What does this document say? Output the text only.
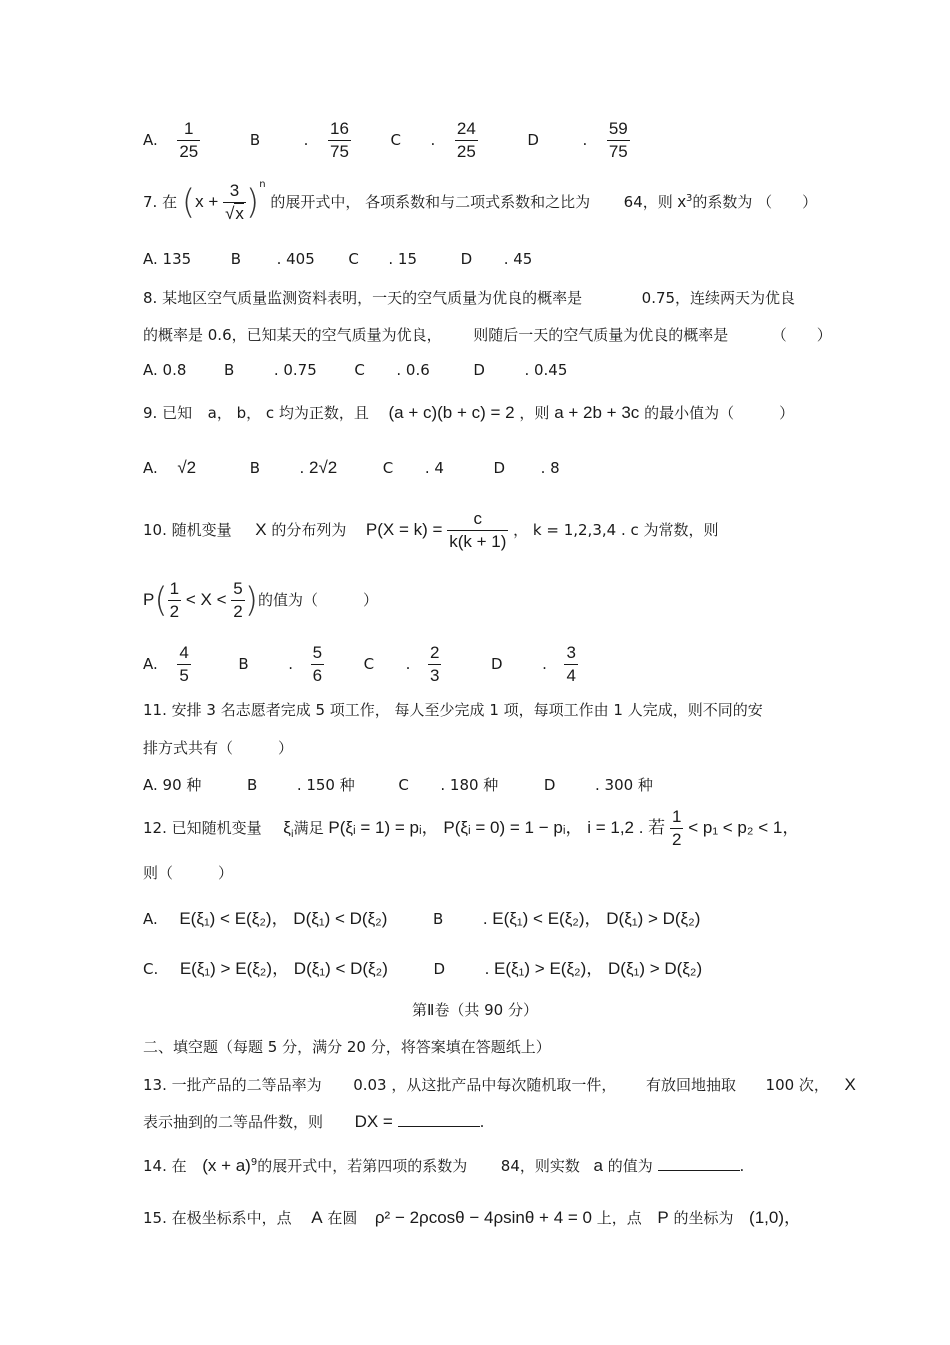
A. $\frac{1}{25}$	B	. $\frac{16}{75}$	C . $\frac{24}{25}$	D	. $\frac{59}{75}$
7. 在 $(x + \frac{3}{√x} )^n$ 的展开式中， 各项系数和与二项式系数和之比为 64，则 $x^3$的系数为 （　　）
A. 135	B . 405 C . 15	D . 45
8. 某地区空气质量监测资料表明，一天的空气质量为优良的概率是	0.75，连续两天为优良
的概率是 0.6，已知某天的空气质量为优良， 则随后一天的空气质量为优良的概率是	（　　）
A. 0.8	B	. 0.75	C . 0.6	D	. 0.45
9. 已知 a， b， c 均为正数，且 (a + c)(b + c) = 2 ，则 a + 2b + 3c 的最小值为（　　　）
A. √2	B . 2√2	C . 4	D . 8
10. 随机变量 X 的分布列为 $P(X = k) = \frac{c}{k(k + 1)}$ ， k = 1,2,3,4 . c 为常数，则
$P( \frac{1}{2} < X < \frac{5}{2}$ )的值为（　　　）
A. $\frac{4}{5}$	B	. $\frac{5}{6}$	C . $\frac{2}{3}$	D	. $\frac{3}{4}$
11. 安排 3 名志愿者完成 5 项工作， 每人至少完成 1 项，每项工作由 1 人完成，则不同的安
排方式共有（　　　）
A. 90 种	B	. 150 种	C . 180 种	D	. 300 种
12. 已知随机变量 $\xi_i$满足 P(ξᵢ = 1) = pᵢ， P(ξᵢ = 0) = 1 − pᵢ， i = 1,2 . 若 $\frac{1}{2} < p_1 < p_2 < 1$，
则（　　　）
A. E(ξ₁) < E(ξ₂)， D(ξ₁) < D(ξ₂)	B . E(ξ₁) < E(ξ₂)， D(ξ₁) > D(ξ₂)
C. E(ξ₁) > E(ξ₂)， D(ξ₁) < D(ξ₂)	D . E(ξ₁) > E(ξ₂)， D(ξ₁) > D(ξ₂)
第Ⅱ卷（共 90 分）
二、填空题（每题 5 分，满分 20 分，将答案填在答题纸上）
13. 一批产品的二等品率为 0.03 ，从这批产品中每次随机取一件， 有放回地抽取 100 次， X
表示抽到的二等品件数，则 DX =	.
14. 在 $(x + a)^9$的展开式中，若第四项的系数为 84，则实数 a 的值为	.
15. 在极坐标系中，点 A 在圆 ρ² − 2ρcosθ − 4ρsinθ + 4 = 0 上，点 P 的坐标为 (1,0)，
